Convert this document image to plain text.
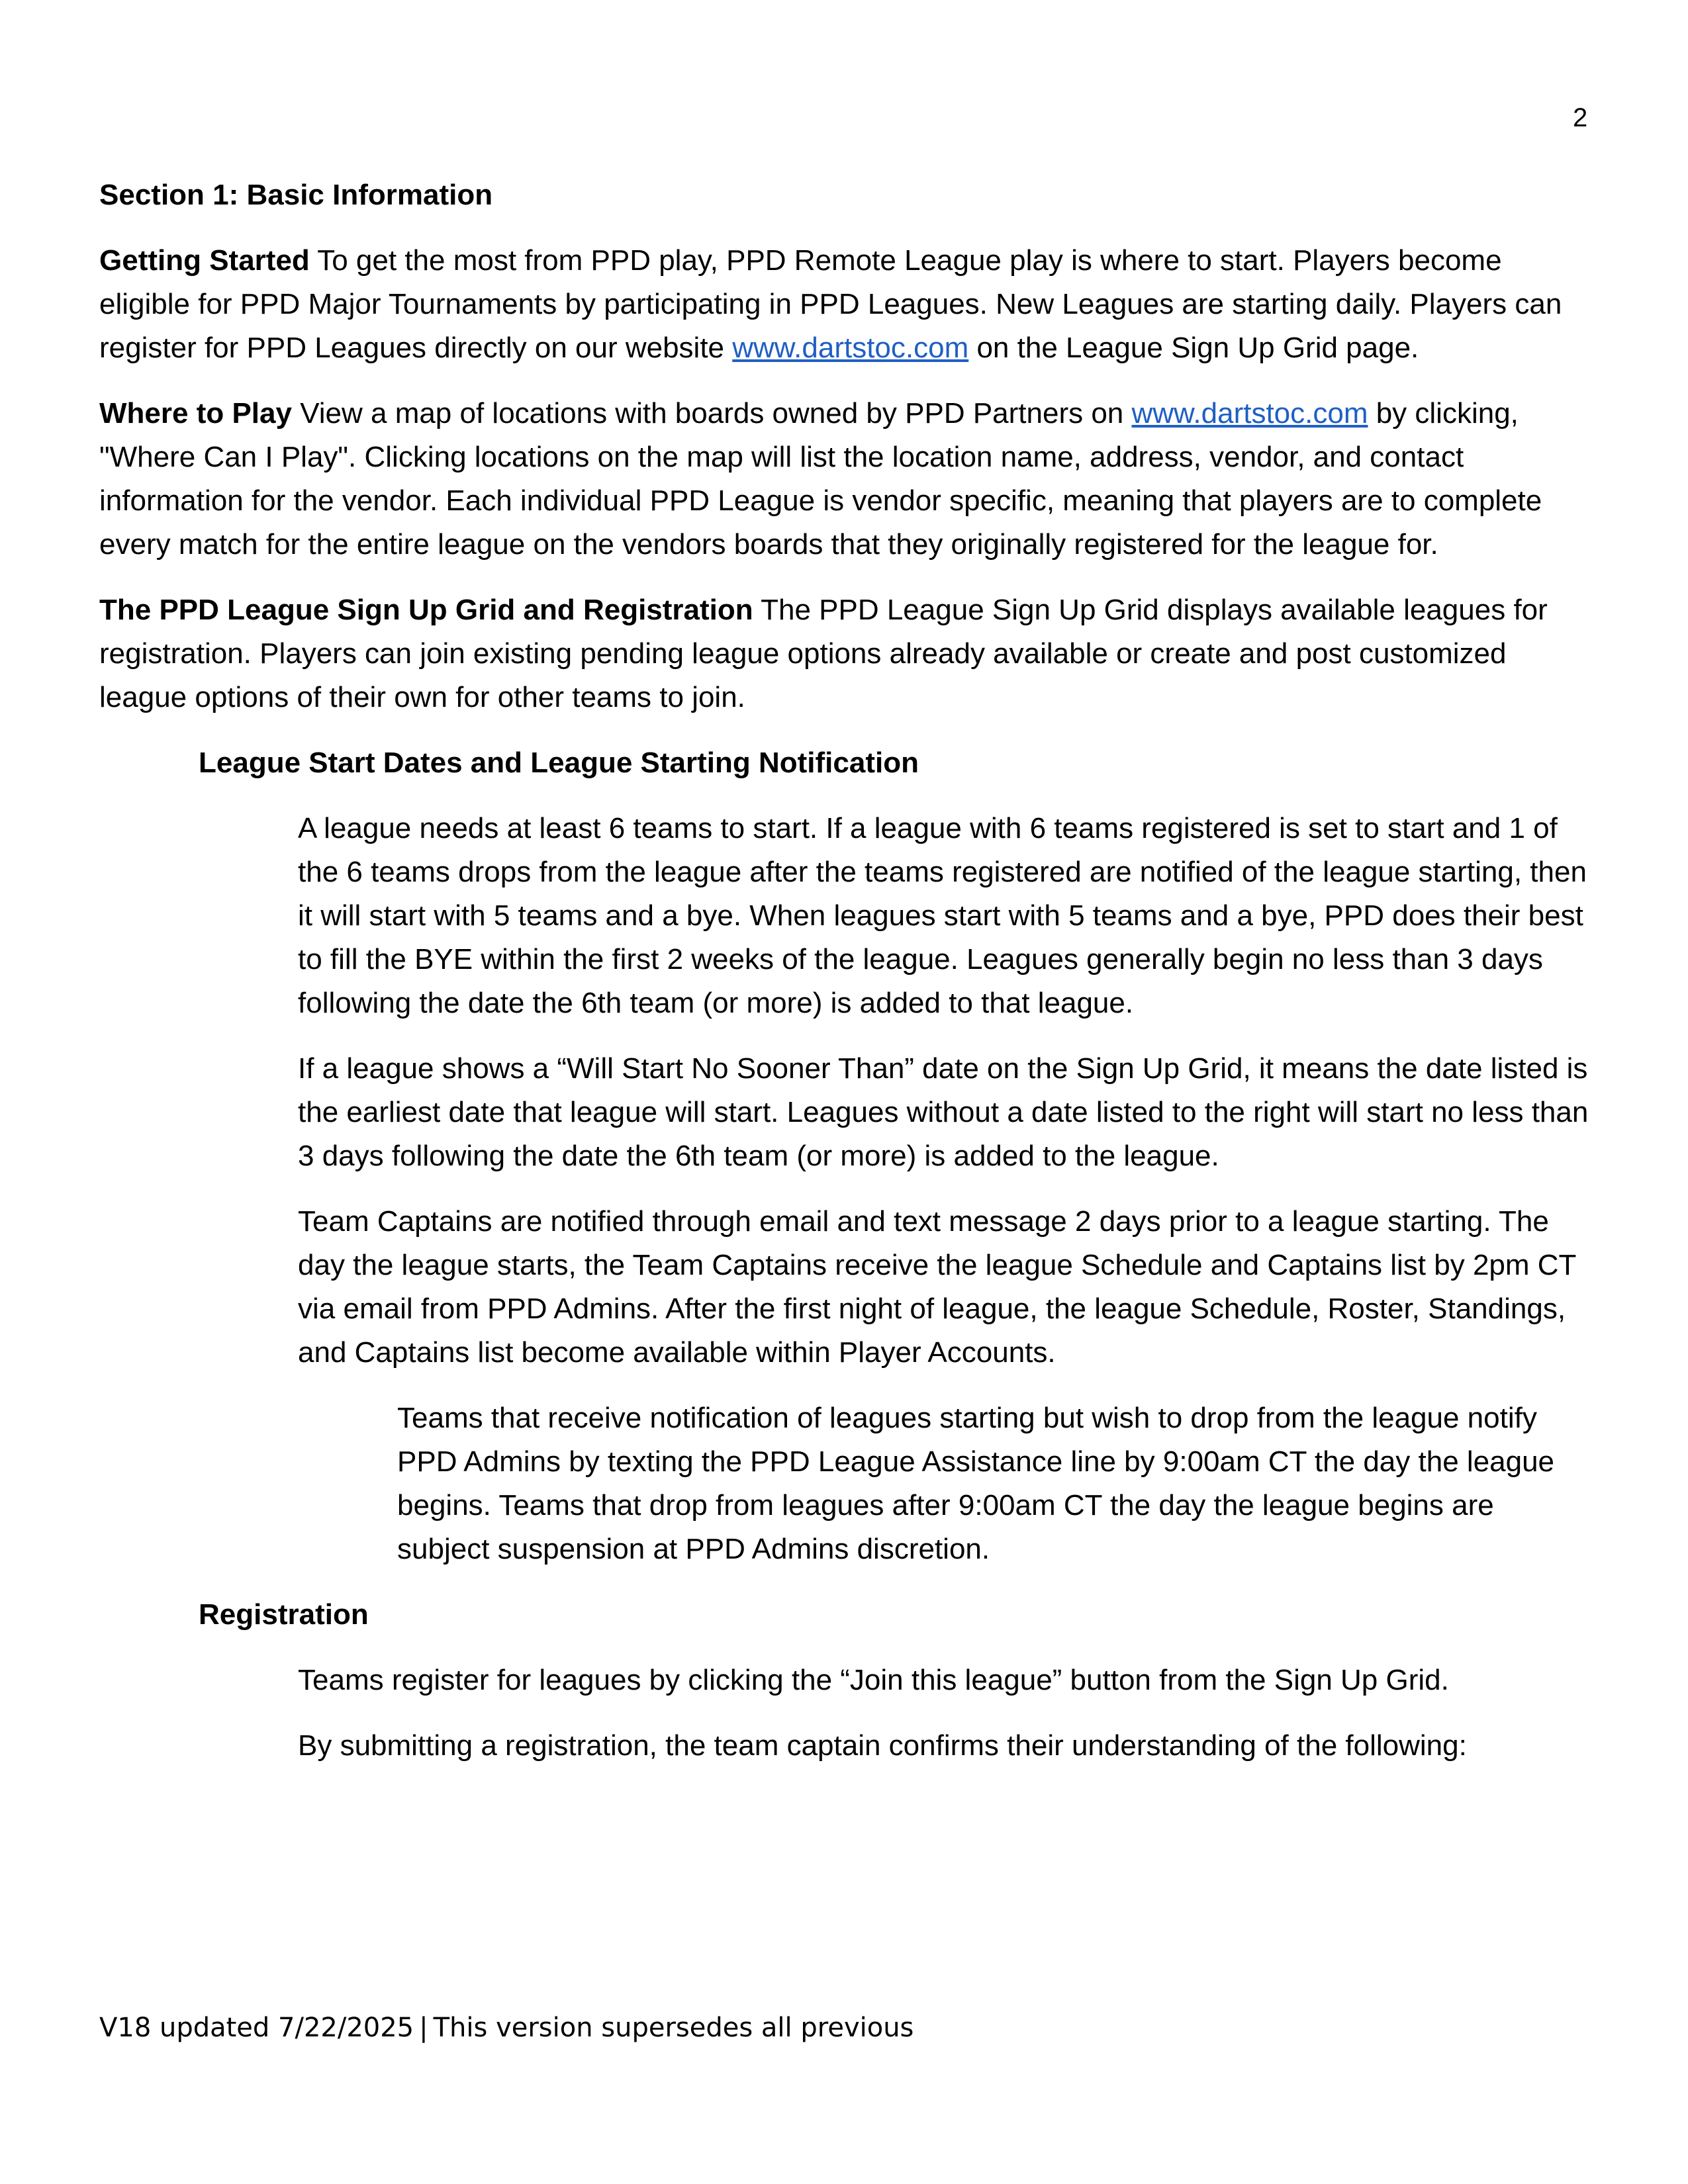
2

Section 1: Basic Information

Getting Started To get the most from PPD play, PPD Remote League play is where to start. Players become eligible for PPD Major Tournaments by participating in PPD Leagues. New Leagues are starting daily. Players can register for PPD Leagues directly on our website www.dartstoc.com on the League Sign Up Grid page.

Where to Play View a map of locations with boards owned by PPD Partners on www.dartstoc.com by clicking, "Where Can I Play". Clicking locations on the map will list the location name, address, vendor, and contact information for the vendor. Each individual PPD League is vendor specific, meaning that players are to complete every match for the entire league on the vendors boards that they originally registered for the league for.

The PPD League Sign Up Grid and Registration The PPD League Sign Up Grid displays available leagues for registration. Players can join existing pending league options already available or create and post customized league options of their own for other teams to join.

League Start Dates and League Starting Notification

A league needs at least 6 teams to start. If a league with 6 teams registered is set to start and 1 of the 6 teams drops from the league after the teams registered are notified of the league starting, then it will start with 5 teams and a bye. When leagues start with 5 teams and a bye, PPD does their best to fill the BYE within the first 2 weeks of the league. Leagues generally begin no less than 3 days following the date the 6th team (or more) is added to that league.

If a league shows a “Will Start No Sooner Than” date on the Sign Up Grid, it means the date listed is the earliest date that league will start. Leagues without a date listed to the right will start no less than 3 days following the date the 6th team (or more) is added to the league.

Team Captains are notified through email and text message 2 days prior to a league starting. The day the league starts, the Team Captains receive the league Schedule and Captains list by 2pm CT via email from PPD Admins. After the first night of league, the league Schedule, Roster, Standings, and Captains list become available within Player Accounts.

Teams that receive notification of leagues starting but wish to drop from the league notify PPD Admins by texting the PPD League Assistance line by 9:00am CT the day the league begins. Teams that drop from leagues after 9:00am CT the day the league begins are subject suspension at PPD Admins discretion.

Registration

Teams register for leagues by clicking the “Join this league” button from the Sign Up Grid.

By submitting a registration, the team captain confirms their understanding of the following:

V18 updated 7/22/2025 | This version supersedes all previous
